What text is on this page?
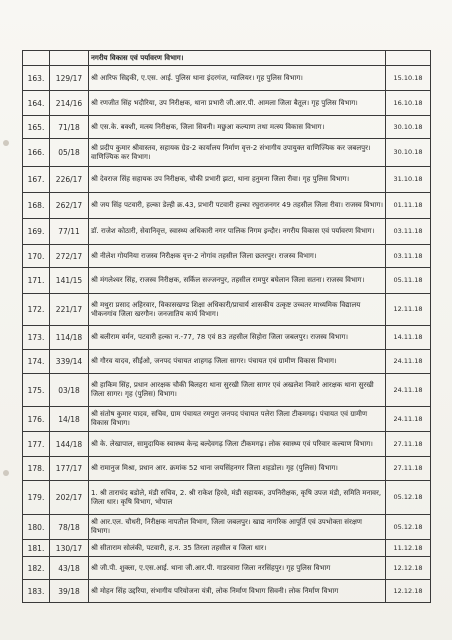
		नगरीय विकास एवं पर्यावरण विभाग।	
163.	129/17	श्री आरिफ सिद्दकी, ए.एस. आई. पुलिस थाना इंदरगंज, ग्वालियर। गृह पुलिस विभाग।	15.10.18
164.	214/16	श्री रणजीत सिंह भदौरिया, उप निरीक्षक, थाना प्रभारी जी.आर.पी. आमला जिला बैतूल। गृह पुलिस विभाग।	16.10.18
165.	71/18	श्री एस.के. बक्शी, मत्स्य निरीक्षक, जिला सिवनी। मछुआ कल्याण तथा मत्स्य विकास विभाग।	30.10.18
166.	05/18	श्री प्रदीप कुमार श्रीवास्तव, सहायक ग्रेड-2 कार्यालय निर्माण वृत्त-2 संभागीय उपायुक्त वाणिज्यिक कर जबलपुर। वाणिज्यिक कर विभाग।	30.10.18
167.	226/17	श्री देवराज सिंह सहायक उप निरीक्षक, चौकी प्रभारी झटा, थाना हनुमना जिला रीवा। गृह पुलिस विभाग।	31.10.18
168.	262/17	श्री जय सिंह पटवारी, हल्का डेल्ही क्र.43, प्रभारी पटवारी हल्का रघुराजनगर 49 तहसील जिला रीवा। राजस्व विभाग।	01.11.18
169.	77/11	डॉ. राजेश कोठारी, सेवानिवृत्त, स्वास्थ्य अधिकारी नगर पालिक निगम इन्दौर। नगरीय विकास एवं पर्यावरण विभाग।	03.11.18
170.	272/17	श्री नीलेश गोयनिया राजस्व निरीक्षक वृत्त-2 नोगांव तहसील जिला छतरपुर। राजस्व विभाग।	03.11.18
171.	141/15	श्री मंगलेश्वर सिंह, राजस्व निरीक्षक, सर्किल सज्जनपुर, तहसील रामपुर बघेलान जिला सतना। राजस्व विभाग।	05.11.18
172.	221/17	श्री मथुरा प्रसाद अहिरवार, विकासखण्ड शिक्षा अधिकारी/प्राचार्य शासकीय उत्कृष्ट उच्चतर माध्यमिक विद्यालय भीकनगांव जिला खरगौन। जनजातिय कार्य विभाग।	12.11.18
173.	114/18	श्री बलीराम वर्मन, पटवारी हल्का न.-77, 78 एवं 83 तहसील सिहोरा जिला जबलपुर। राजस्व विभाग।	14.11.18
174.	339/14	श्री गौरव यादव, सीईओ, जनपद पंचायत शाहगढ़ जिला सागर। पंचायत एवं ग्रामीण विकास विभाग।	24.11.18
175.	03/18	श्री हाकिम सिंह, प्रधान आरक्षक चौकी बिलहरा थाना सुरखी जिला सागर एवं अखलेश निवारे आरक्षक थाना सुरखी जिला सागर। गृह (पुलिस) विभाग।	24.11.18
176.	14/18	श्री संतोष कुमार यादव, सचिव, ग्राम पंचायत रमपुरा जनपद पंचायत पलेरा जिला टीकमगढ़। पंचायत एवं ग्रामीण विकास विभाग।	24.11.18
177.	144/18	श्री के. लेखापाल, सामुदायिक स्वास्थ्य केन्द्र बल्देवगढ़ जिला टीकमगढ़। लोक स्वास्थ्य एवं परिवार कल्याण विभाग।	27.11.18
178.	177/17	श्री रामानुज मिश्रा, प्रधान आर. क्रमांक 52 थाना जयसिंहनगर जिला शहडोल। गृह (पुलिस) विभाग।	27.11.18
179.	202/17	1. श्री ताराचंद बडोले, मंडी सचिव, 2. श्री राकेश हिरवे, मंडी सहायक, उपनिरीक्षक, कृषि उपज मंडी, समिति मनावर, जिला धार। कृषि विभाग, भोपाल	05.12.18
180.	78/18	श्री आर.एल. चौधरी, निरीक्षक नापतौल विभाग, जिला जबलपुर। खाद्य नागरिक आपूर्ति एवं उपभोक्ता संरक्षण विभाग।	05.12.18
181.	130/17	श्री सीताराम सोलंकी, पटवारी, ह.न. 35 तिरला तहसील व जिला धार।	11.12.18
182.	43/18	श्री जी.पी. शुक्ला, ए.एस.आई. थाना जी.आर.पी. गाडरवारा जिला नरसिंहपुर। गृह पुलिस विभाग	12.12.18
183.	39/18	श्री मोहन सिंह उद्दरिया, संभागीय परियोजना यंत्री, लोक निर्माण विभाग सिवनी। लोक निर्माण विभाग	12.12.18
